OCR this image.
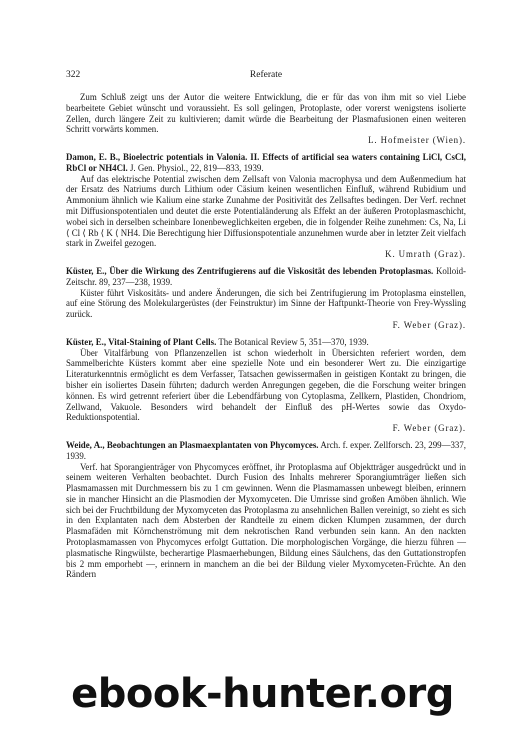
322	Referate

Zum Schluß zeigt uns der Autor die weitere Entwicklung, die er für das von ihm mit so viel Liebe bearbeitete Gebiet wünscht und voraussieht. Es soll gelingen, Protoplaste, oder vorerst wenigstens isolierte Zellen, durch längere Zeit zu kultivieren; damit würde die Bearbeitung der Plasmafusionen einen weiteren Schritt vorwärts kommen.

L. Hofmeister (Wien).

Damon, E. B., Bioelectric potentials in Valonia. II. Effects of artificial sea waters containing LiCl, CsCl, RbCl or NH4Cl. J. Gen. Physiol., 22, 819—833, 1939.

Auf das elektrische Potential zwischen dem Zellsaft von Valonia macrophysa und dem Außenmedium hat der Ersatz des Natriums durch Lithium oder Cäsium keinen wesentlichen Einfluß, während Rubidium und Ammonium ähnlich wie Kalium eine starke Zunahme der Positivität des Zellsaftes bedingen. Der Verf. rechnet mit Diffusionspotentialen und deutet die erste Potentialänderung als Effekt an der äußeren Protoplasmaschicht, wobei sich in derselben scheinbare Ionenbeweglichkeiten ergeben, die in folgender Reihe zunehmen: Cs, Na, Li ⟨ Cl ⟨ Rb ⟨ K ⟨ NH4. Die Berechtigung hier Diffusionspotentiale anzunehmen wurde aber in letzter Zeit vielfach stark in Zweifel gezogen.

K. Umrath (Graz).

Küster, E., Über die Wirkung des Zentrifugierens auf die Viskosität des lebenden Protoplasmas. Kolloid-Zeitschr. 89, 237—238, 1939.

Küster führt Viskositäts- und andere Änderungen, die sich bei Zentrifugierung im Protoplasma einstellen, auf eine Störung des Molekulargerüstes (der Feinstruktur) im Sinne der Haftpunkt-Theorie von Frey-Wyssling zurück.

F. Weber (Graz).

Küster, E., Vital-Staining of Plant Cells. The Botanical Review 5, 351—370, 1939.

Über Vitalfärbung von Pflanzenzellen ist schon wiederholt in Übersichten referiert worden, dem Sammelberichte Küsters kommt aber eine spezielle Note und ein besonderer Wert zu. Die einzigartige Literaturkenntnis ermöglicht es dem Verfasser, Tatsachen gewissermaßen in geistigen Kontakt zu bringen, die bisher ein isoliertes Dasein führten; dadurch werden Anregungen gegeben, die die Forschung weiter bringen können. Es wird getrennt referiert über die Lebendfärbung von Cytoplasma, Zellkern, Plastiden, Chondriom, Zellwand, Vakuole. Besonders wird behandelt der Einfluß des pH-Wertes sowie das Oxydo-Reduktionspotential.

F. Weber (Graz).

Weide, A., Beobachtungen an Plasmaexplantaten von Phycomyces. Arch. f. exper. Zellforsch. 23, 299—337, 1939.

Verf. hat Sporangienträger von Phycomyces eröffnet, ihr Protoplasma auf Objektträger ausgedrückt und in seinem weiteren Verhalten beobachtet. Durch Fusion des Inhalts mehrerer Sporangiumträger ließen sich Plasmamassen mit Durchmessern bis zu 1 cm gewinnen. Wenn die Plasmamassen unbewegt bleiben, erinnern sie in mancher Hinsicht an die Plasmodien der Myxomyceten. Die Umrisse sind großen Amöben ähnlich. Wie sich bei der Fruchtbildung der Myxomyceten das Protoplasma zu ansehnlichen Ballen vereinigt, so zieht es sich in den Explantaten nach dem Absterben der Randteile zu einem dicken Klumpen zusammen, der durch Plasmafäden mit Körnchenströmung mit dem nekrotischen Rand verbunden sein kann. An den nackten Protoplasmamassen von Phycomyces erfolgt Guttation. Die morphologischen Vorgänge, die hierzu führen — plasmatische Ringwülste, becherartige Plasmaerhebungen, Bildung eines Säulchens, das den Guttationstropfen bis 2 mm emporhebt —, erinnern in manchem an die bei der Bildung vieler Myxomyceten-Früchte. An den Rändern

ebook-hunter.org
